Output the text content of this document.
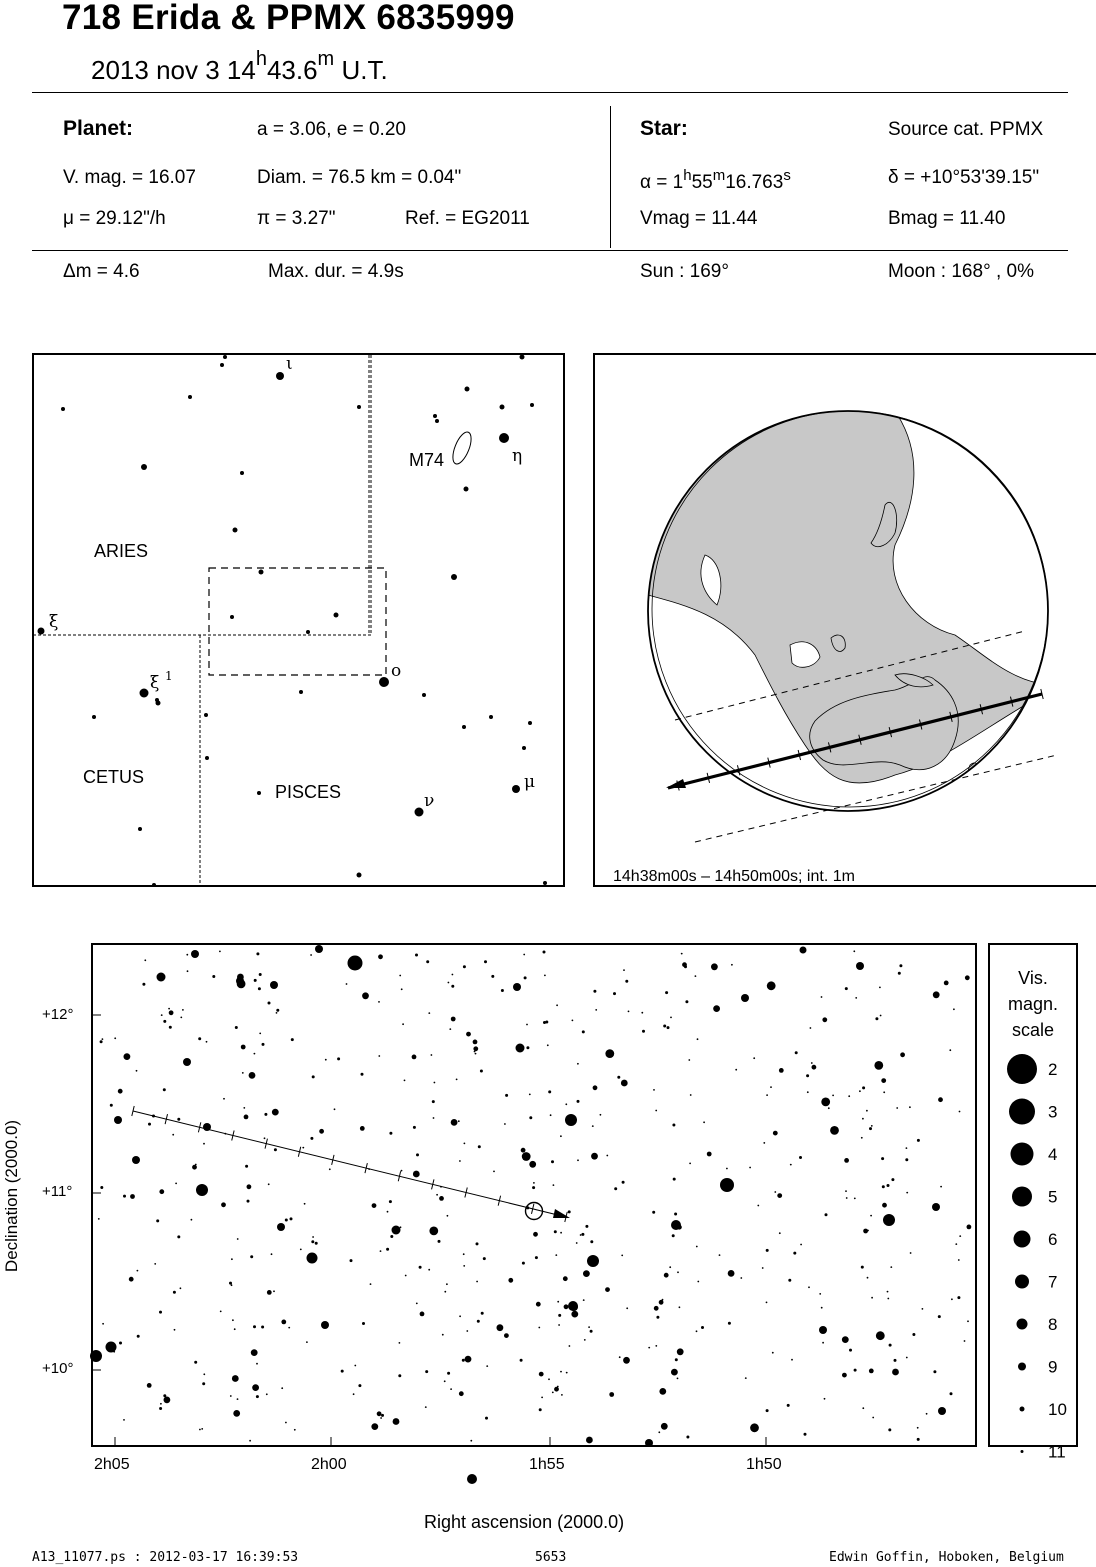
718 Erida & PPMX 6835999
2013 nov 3 14$^h$43.6$^m$ U.T.
Planet:	a = 3.06, e = 0.20
V. mag. = 16.07	Diam. = 76.5 km = 0.04"
μ = 29.12"/h	π = 3.27"	Ref. = EG2011
Star:	Source cat. PPMX
$\alpha = 1^h55^m16.763^s$	δ = +10°53'39.15"
Vmag = 11.44	Bmag = 11.40
Δm = 4.6	Max. dur. = 4.9s	Sun : 169°	Moon : 168° , 0%
M74
ARIES
CETUS
PISCES
ι
η
ξ
ξ 1	ο
μ
ν
14h38m00s – 14h50m00s; int. 1m
+12°
+11°
+10°
2h05	2h00	1h55	1h50
Right ascension (2000.0)
Declination (2000.0)
Vis.
magn.
scale
2
3
4
5
6
7
8
9
10
11
A13_11077.ps : 2012-03-17 16:39:53	5653	Edwin Goffin, Hoboken, Belgium
